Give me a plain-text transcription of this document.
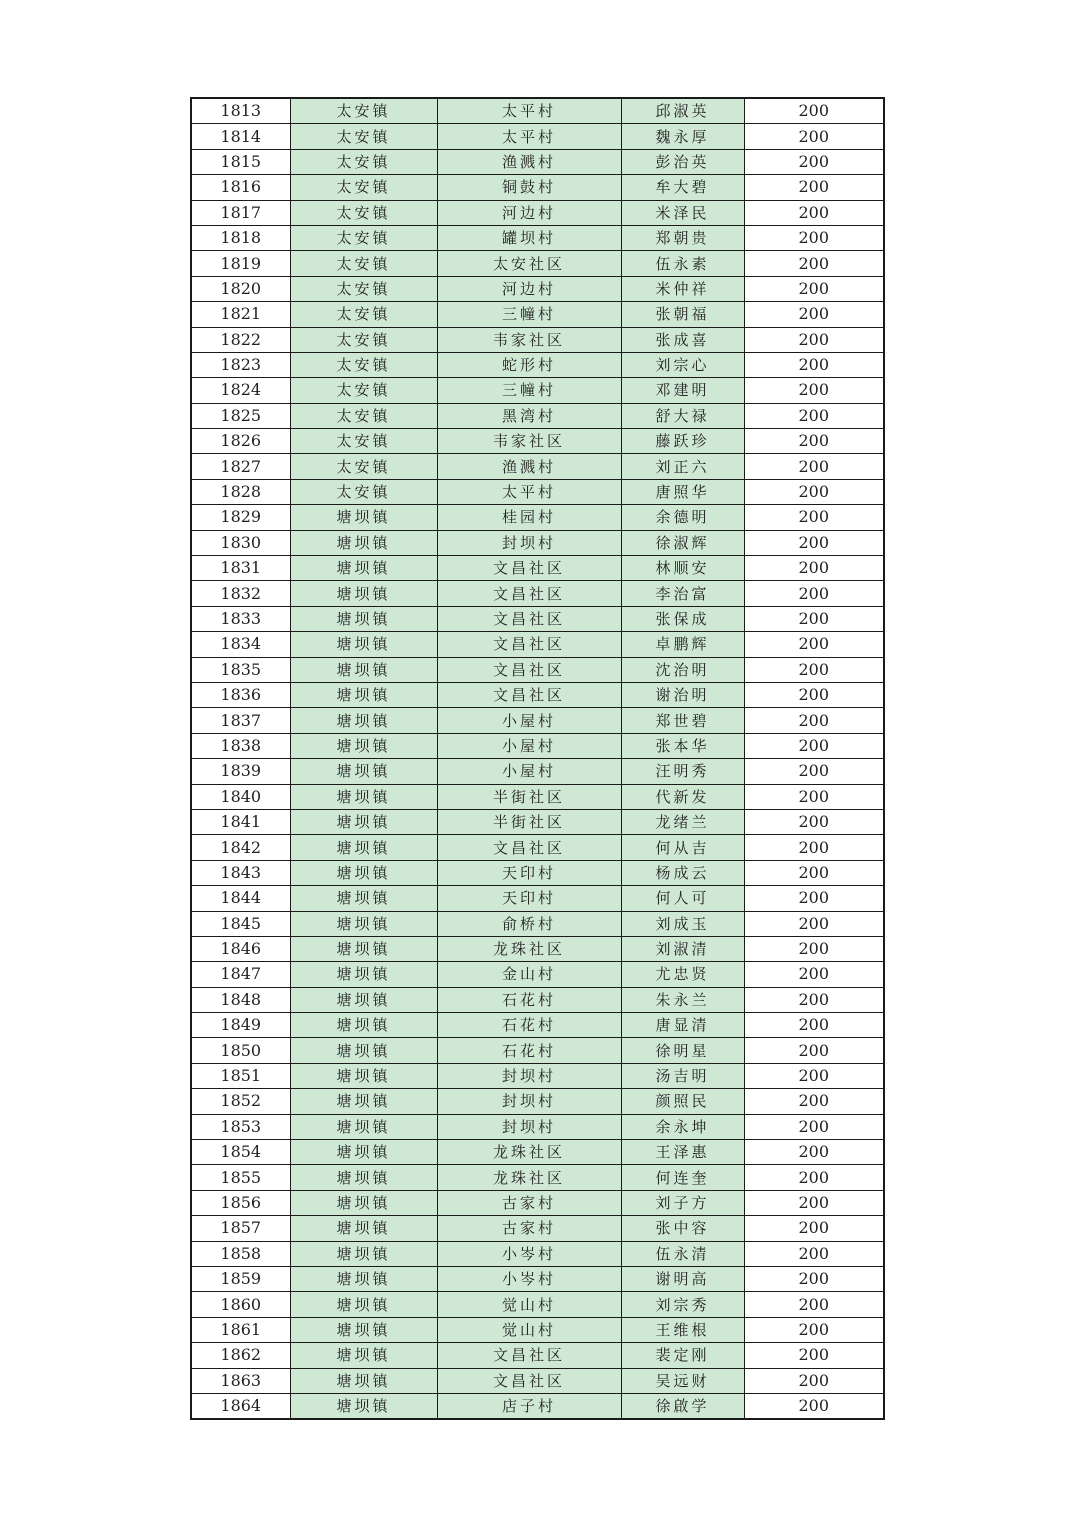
1813	太安镇	太平村	邱淑英	200
1814	太安镇	太平村	魏永厚	200
1815	太安镇	渔溅村	彭治英	200
1816	太安镇	铜鼓村	牟大碧	200
1817	太安镇	河边村	米泽民	200
1818	太安镇	罐坝村	郑朝贵	200
1819	太安镇	太安社区	伍永素	200
1820	太安镇	河边村	米仲祥	200
1821	太安镇	三幢村	张朝福	200
1822	太安镇	韦家社区	张成喜	200
1823	太安镇	蛇形村	刘宗心	200
1824	太安镇	三幢村	邓建明	200
1825	太安镇	黑湾村	舒大禄	200
1826	太安镇	韦家社区	藤跃珍	200
1827	太安镇	渔溅村	刘正六	200
1828	太安镇	太平村	唐照华	200
1829	塘坝镇	桂园村	余德明	200
1830	塘坝镇	封坝村	徐淑辉	200
1831	塘坝镇	文昌社区	林顺安	200
1832	塘坝镇	文昌社区	李治富	200
1833	塘坝镇	文昌社区	张保成	200
1834	塘坝镇	文昌社区	卓鹏辉	200
1835	塘坝镇	文昌社区	沈治明	200
1836	塘坝镇	文昌社区	谢治明	200
1837	塘坝镇	小屋村	郑世碧	200
1838	塘坝镇	小屋村	张本华	200
1839	塘坝镇	小屋村	汪明秀	200
1840	塘坝镇	半街社区	代新发	200
1841	塘坝镇	半街社区	龙绪兰	200
1842	塘坝镇	文昌社区	何从吉	200
1843	塘坝镇	天印村	杨成云	200
1844	塘坝镇	天印村	何人可	200
1845	塘坝镇	俞桥村	刘成玉	200
1846	塘坝镇	龙珠社区	刘淑清	200
1847	塘坝镇	金山村	尤忠贤	200
1848	塘坝镇	石花村	朱永兰	200
1849	塘坝镇	石花村	唐显清	200
1850	塘坝镇	石花村	徐明星	200
1851	塘坝镇	封坝村	汤吉明	200
1852	塘坝镇	封坝村	颜照民	200
1853	塘坝镇	封坝村	余永坤	200
1854	塘坝镇	龙珠社区	王泽惠	200
1855	塘坝镇	龙珠社区	何连奎	200
1856	塘坝镇	古家村	刘子方	200
1857	塘坝镇	古家村	张中容	200
1858	塘坝镇	小岑村	伍永清	200
1859	塘坝镇	小岑村	谢明高	200
1860	塘坝镇	觉山村	刘宗秀	200
1861	塘坝镇	觉山村	王维根	200
1862	塘坝镇	文昌社区	裴定刚	200
1863	塘坝镇	文昌社区	吴远财	200
1864	塘坝镇	店子村	徐啟学	200
